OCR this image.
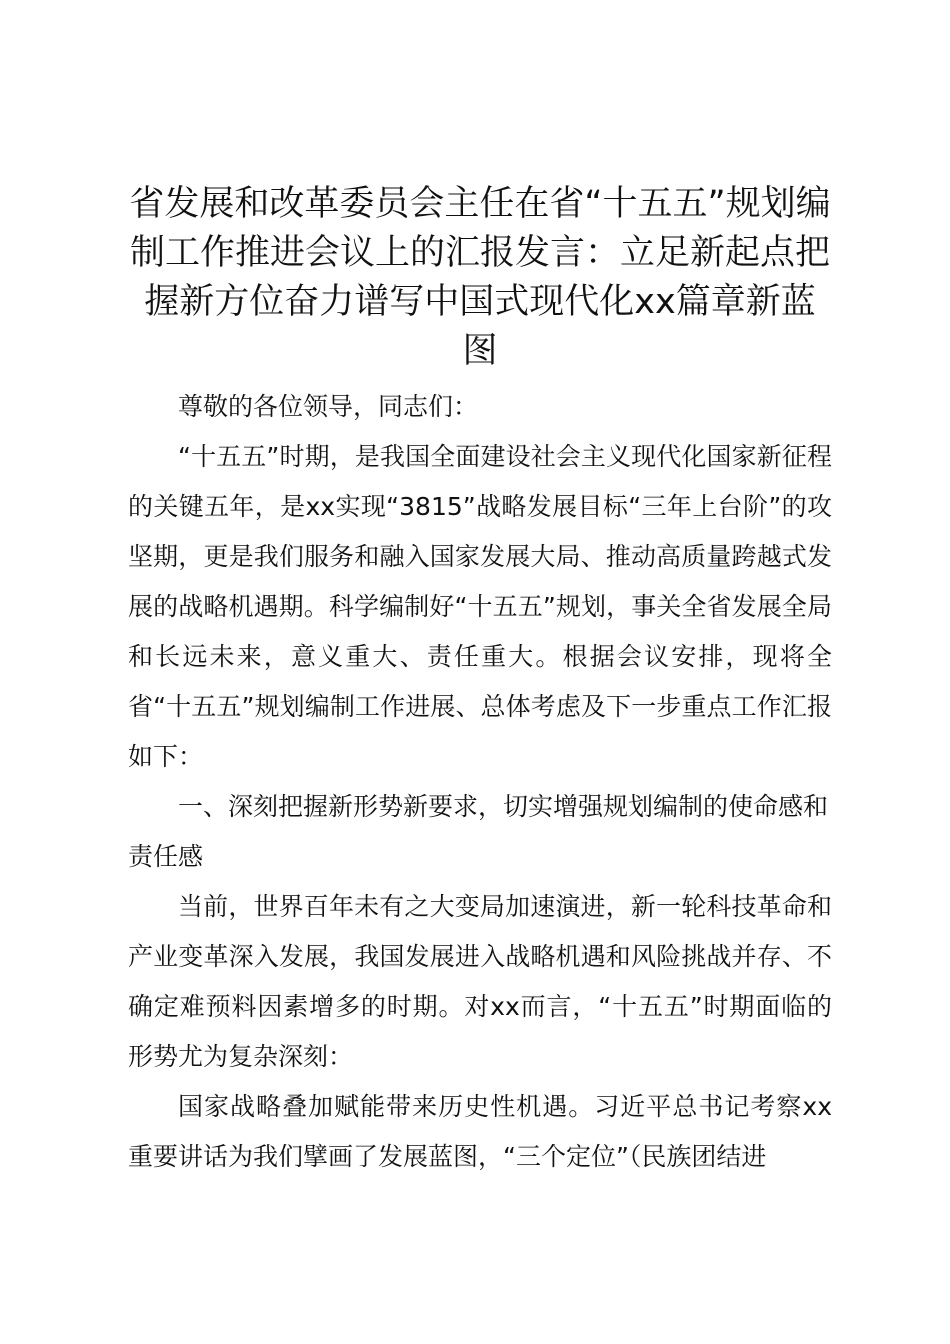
省发展和改革委员会主任在省“十五五”规划编制工作推进会议上的汇报发言：立足新起点把握新方位奋力谱写中国式现代化xx篇章新蓝图

尊敬的各位领导，同志们：

“十五五”时期，是我国全面建设社会主义现代化国家新征程的关键五年，是xx实现“3815”战略发展目标“三年上台阶”的攻坚期，更是我们服务和融入国家发展大局、推动高质量跨越式发展的战略机遇期。科学编制好“十五五”规划，事关全省发展全局和长远未来，意义重大、责任重大。根据会议安排，现将全省“十五五”规划编制工作进展、总体考虑及下一步重点工作汇报如下：

一、深刻把握新形势新要求，切实增强规划编制的使命感和责任感

当前，世界百年未有之大变局加速演进，新一轮科技革命和产业变革深入发展，我国发展进入战略机遇和风险挑战并存、不确定难预料因素增多的时期。对xx而言，“十五五”时期面临的形势尤为复杂深刻：

国家战略叠加赋能带来历史性机遇。习近平总书记考察xx重要讲话为我们擘画了发展蓝图，“三个定位”（民族团结进
